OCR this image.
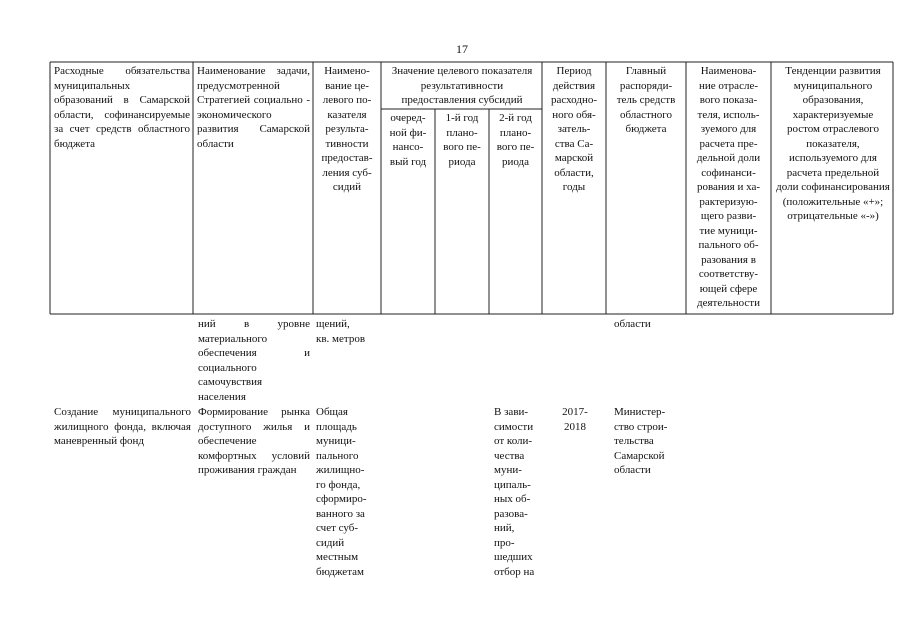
17
Расходные обязательства муниципальных образований в Самарской области, софинансируемые за счет средств областного бюджета
Наименование задачи, предусмотренной Стратегией социально - экономического развития Самарской области
Наимено-
вание це-
левого по-
казателя
результа-
тивности
предостав-
ления суб-
сидий
Значение целевого показателя результативности предоставления субсидий
очеред-
ной фи-
нансо-
вый год
1-й год
плано-
вого пе-
риода
2-й год
плано-
вого пе-
риода
Период
действия
расходно-
ного обя-
затель-
ства Са-
марской
области,
годы
Главный
распоряди-
тель средств
областного
бюджета
Наименова-
ние отрасле-
вого показа-
теля, исполь-
зуемого для
расчета пре-
дельной доли
софинанси-
рования и ха-
рактеризую-
щего разви-
тие муници-
пального об-
разования в
соответству-
ющей сфере
деятельности
Тенденции развития муниципального образования, характеризуемые ростом отраслевого показателя, используемого для расчета предельной доли софинансирования (положительные «+»; отрицательные «-»)
ний в уровне материального обеспечения и социального самочувствия населения
щений,
кв. метров
области
Создание муниципального жилищного фонда, включая маневренный фонд
Формирование рынка доступного жилья и обеспечение комфортных условий проживания граждан
Общая
площадь
муници-
пального
жилищно-
го фонда,
сформиро-
ванного за
счет суб-
сидий
местным
бюджетам
В зави-
симости
от коли-
чества
муни-
ципаль-
ных об-
разова-
ний,
про-
шедших
отбор на
2017-
2018
Министер-
ство строи-
тельства
Самарской
области
